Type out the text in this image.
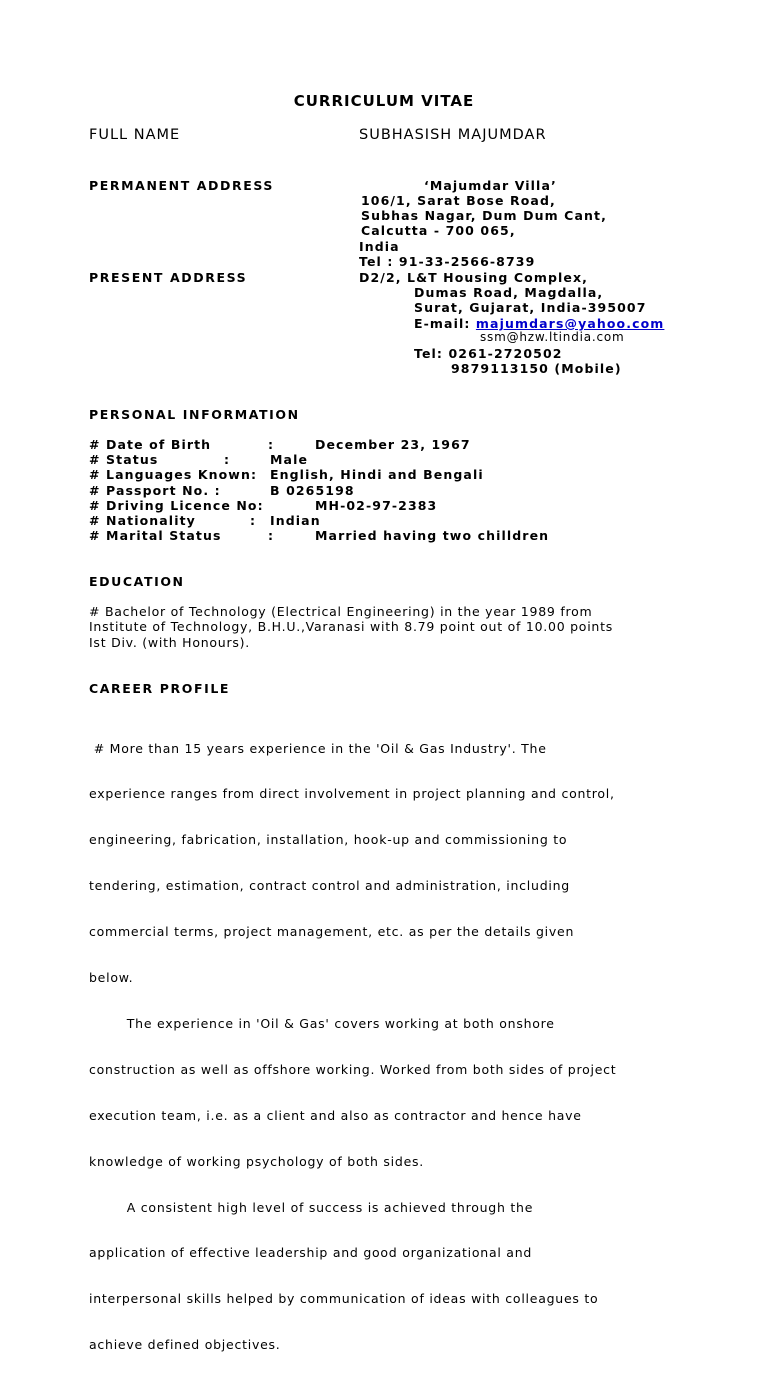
CURRICULUM VITAE
FULL NAME	SUBHASISH MAJUMDAR
PERMANENT ADDRESS	‘Majumdar Villa’
106/1, Sarat Bose Road,
Subhas Nagar, Dum Dum Cant,
Calcutta - 700 065,
India
Tel : 91-33-2566-8739
PRESENT ADDRESS	D2/2, L&T Housing Complex,
Dumas Road, Magdalla,
Surat, Gujarat, India-395007
E-mail: majumdars@yahoo.com
ssm@hzw.ltindia.com
Tel: 0261-2720502
9879113150 (Mobile)
PERSONAL INFORMATION
# Date of Birth	:	December 23, 1967
# Status	:	Male
# Languages Known: English, Hindi and Bengali
# Passport No. :	B 0265198
# Driving Licence No:	MH-02-97-2383
# Nationality	: Indian
# Marital Status	:	Married having two chilldren
EDUCATION
# Bachelor of Technology (Electrical Engineering) in the year 1989 from
Institute of Technology, B.H.U.,Varanasi with 8.79 point out of 10.00 points
Ist Div. (with Honours).
CAREER PROFILE

# More than 15 years experience in the 'Oil & Gas Industry'. The

experience ranges from direct involvement in project planning and control,

engineering, fabrication, installation, hook-up and commissioning to

tendering, estimation, contract control and administration, including

commercial terms, project management, etc. as per the details given

below.

The experience in 'Oil & Gas' covers working at both onshore

construction as well as offshore working. Worked from both sides of project

execution team, i.e. as a client and also as contractor and hence have

knowledge of working psychology of both sides.

A consistent high level of success is achieved through the

application of effective leadership and good organizational and

interpersonal skills helped by communication of ideas with colleagues to

achieve defined objectives.
